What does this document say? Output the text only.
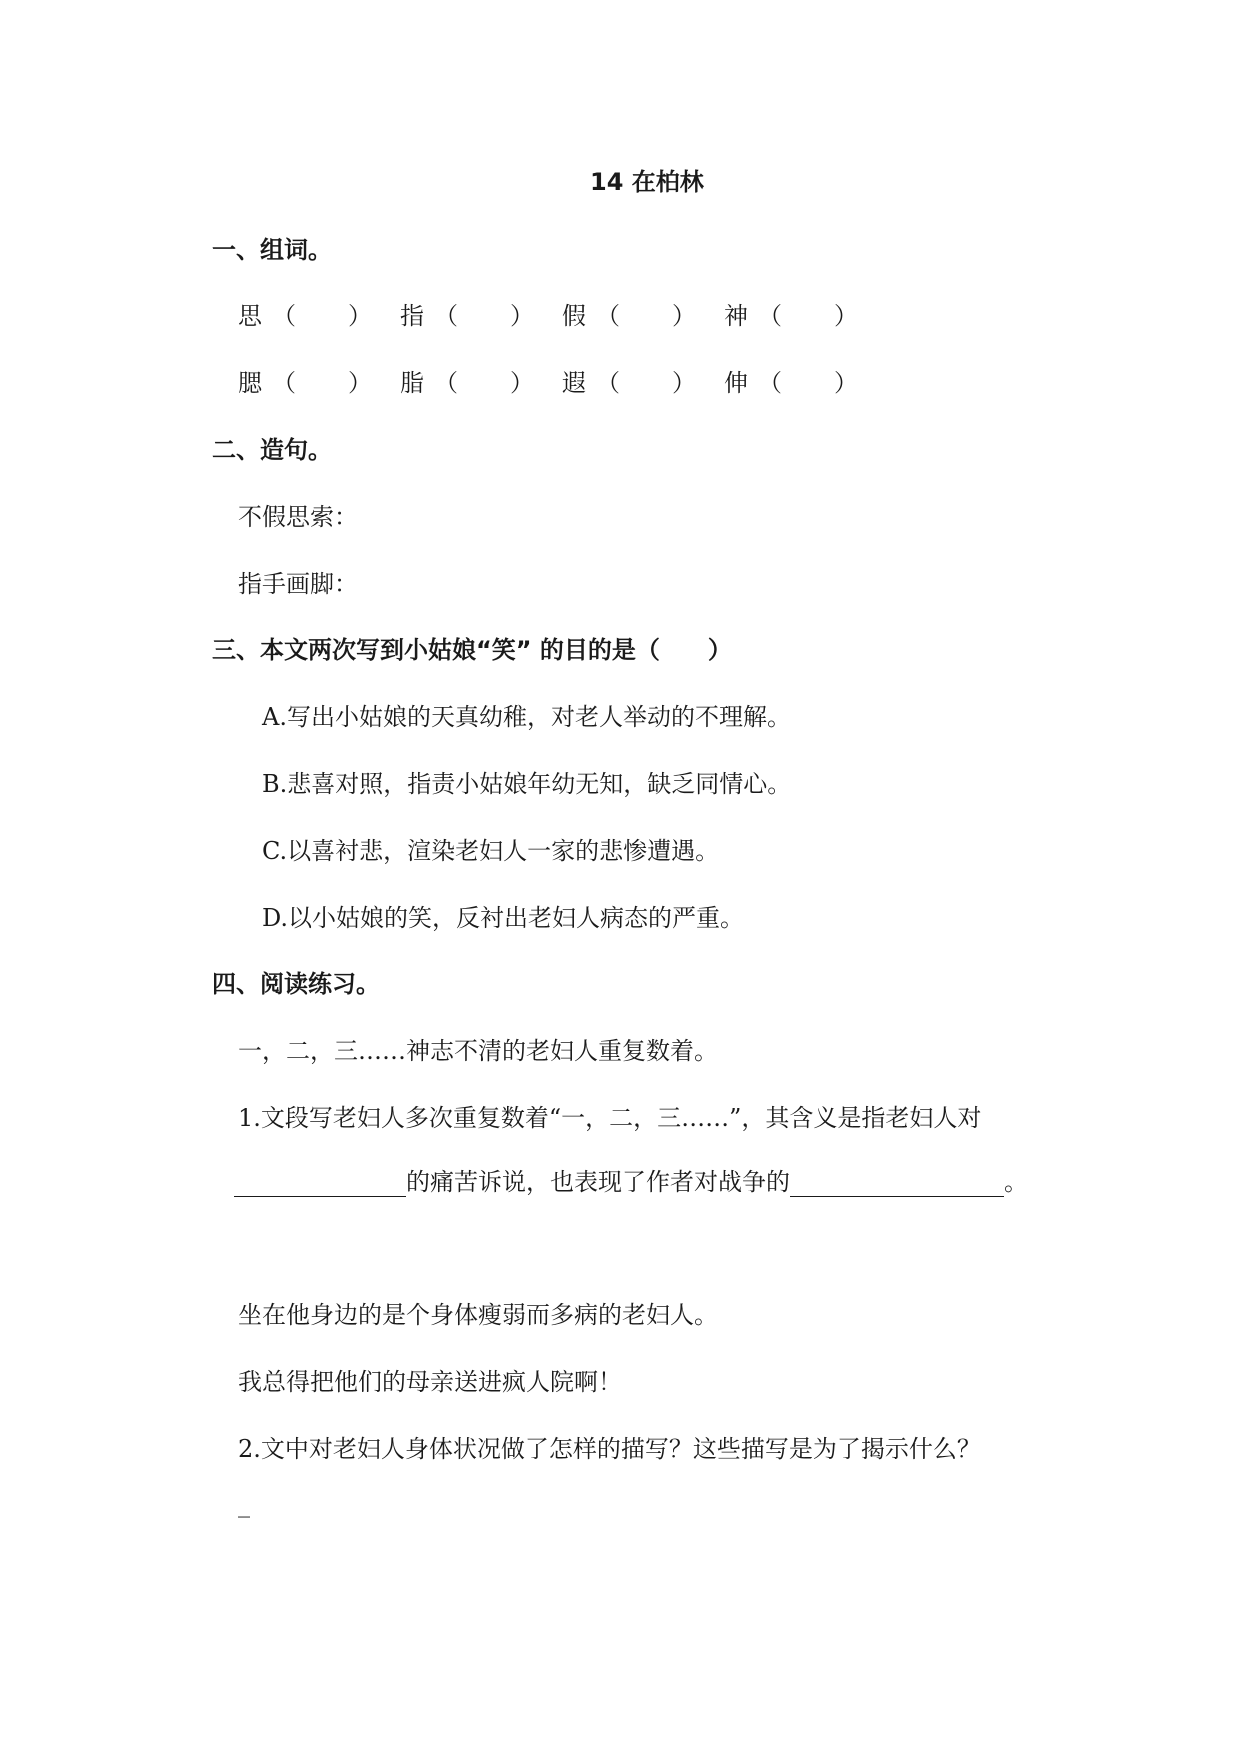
14 在柏林
一、组词。
思 （ ） 指 （ ） 假 （ ） 神 （ ）
腮 （ ） 脂 （ ） 遐 （ ） 伸 （ ）
二、造句。
不假思索：
指手画脚：
三、本文两次写到小姑娘“笑” 的目的是（　　）
A.写出小姑娘的天真幼稚，对老人举动的不理解。
B.悲喜对照，指责小姑娘年幼无知，缺乏同情心。
C.以喜衬悲，渲染老妇人一家的悲惨遭遇。
D.以小姑娘的笑，反衬出老妇人病态的严重。
四、阅读练习。
一，二，三……神志不清的老妇人重复数着。
1.文段写老妇人多次重复数着“一，二，三……”，其含义是指老妇人对
的痛苦诉说，也表现了作者对战争的	。
坐在他身边的是个身体瘦弱而多病的老妇人。
我总得把他们的母亲送进疯人院啊！
2.文中对老妇人身体状况做了怎样的描写？这些描写是为了揭示什么？
_
